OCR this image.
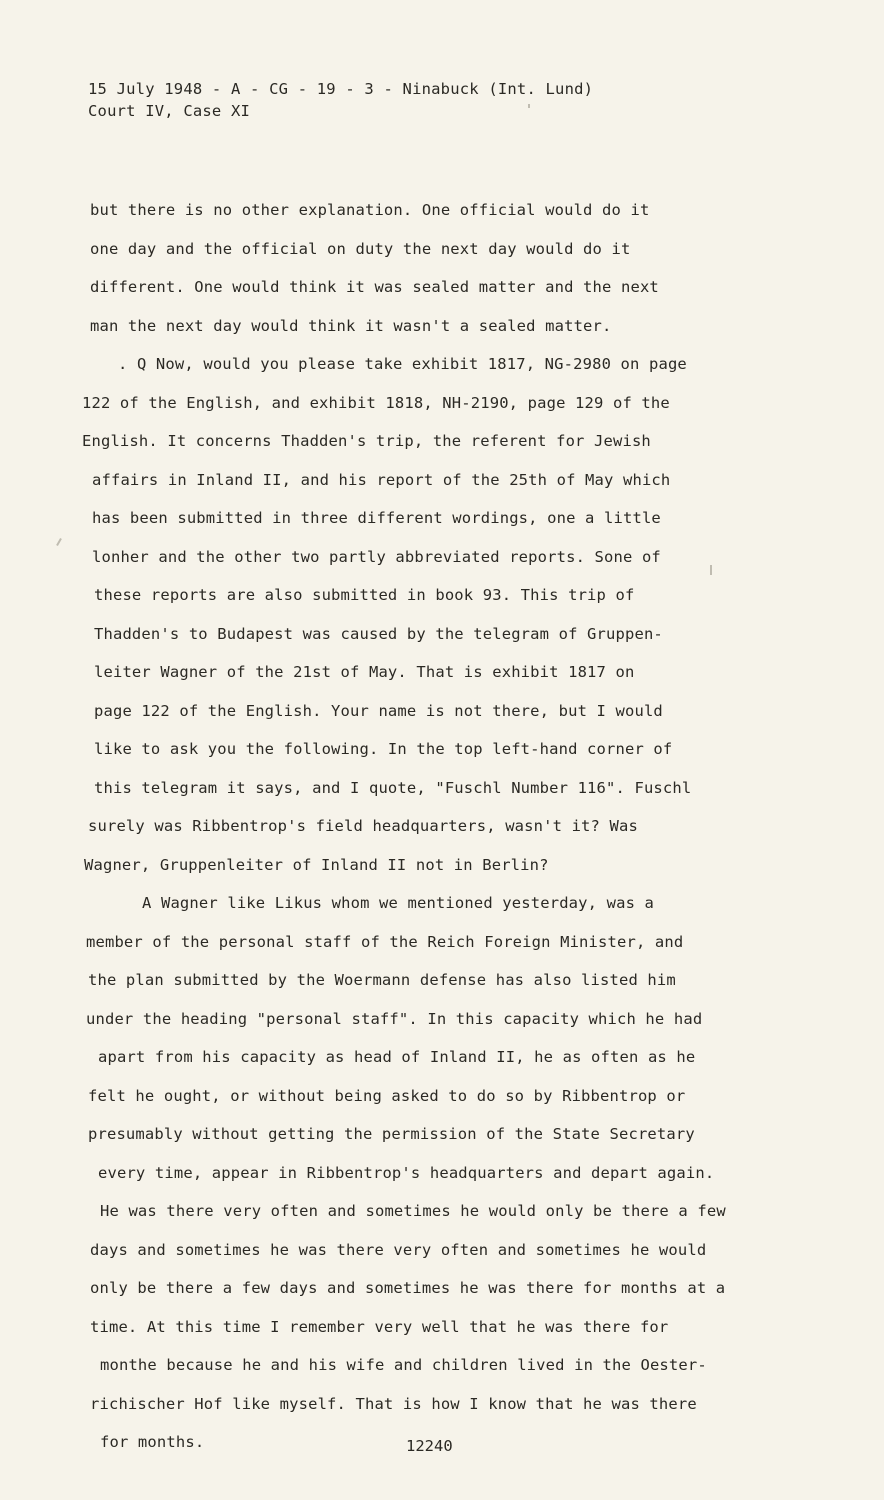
15 July 1948 - A - CG - 19 - 3 - Ninabuck (Int. Lund)
Court IV, Case XI
but there is no other explanation. One official would do it
one day and the official on duty the next day would do it
different. One would think it was sealed matter and the next
man the next day would think it wasn't a sealed matter.
. Q Now, would you please take exhibit 1817, NG-2980 on page
122 of the English, and exhibit 1818, NH-2190, page 129 of the
English. It concerns Thadden's trip, the referent for Jewish
affairs in Inland II, and his report of the 25th of May which
has been submitted in three different wordings, one a little
lonher and the other two partly abbreviated reports. Sone of
these reports are also submitted in book 93. This trip of
Thadden's to Budapest was caused by the telegram of Gruppen-
leiter Wagner of the 21st of May. That is exhibit 1817 on
page 122 of the English. Your name is not there, but I would
like to ask you the following. In the top left-hand corner of
this telegram it says, and I quote, "Fuschl Number 116". Fuschl
surely was Ribbentrop's field headquarters, wasn't it? Was
Wagner, Gruppenleiter of Inland II not in Berlin?
A Wagner like Likus whom we mentioned yesterday, was a
member of the personal staff of the Reich Foreign Minister, and
the plan submitted by the Woermann defense has also listed him
under the heading "personal staff". In this capacity which he had
apart from his capacity as head of Inland II, he as often as he
felt he ought, or without being asked to do so by Ribbentrop or
presumably without getting the permission of the State Secretary
every time, appear in Ribbentrop's headquarters and depart again.
He was there very often and sometimes he would only be there a few
days and sometimes he was there very often and sometimes he would
only be there a few days and sometimes he was there for months at a
time. At this time I remember very well that he was there for
monthe because he and his wife and children lived in the Oester-
richischer Hof like myself. That is how I know that he was there
for months.	12240
